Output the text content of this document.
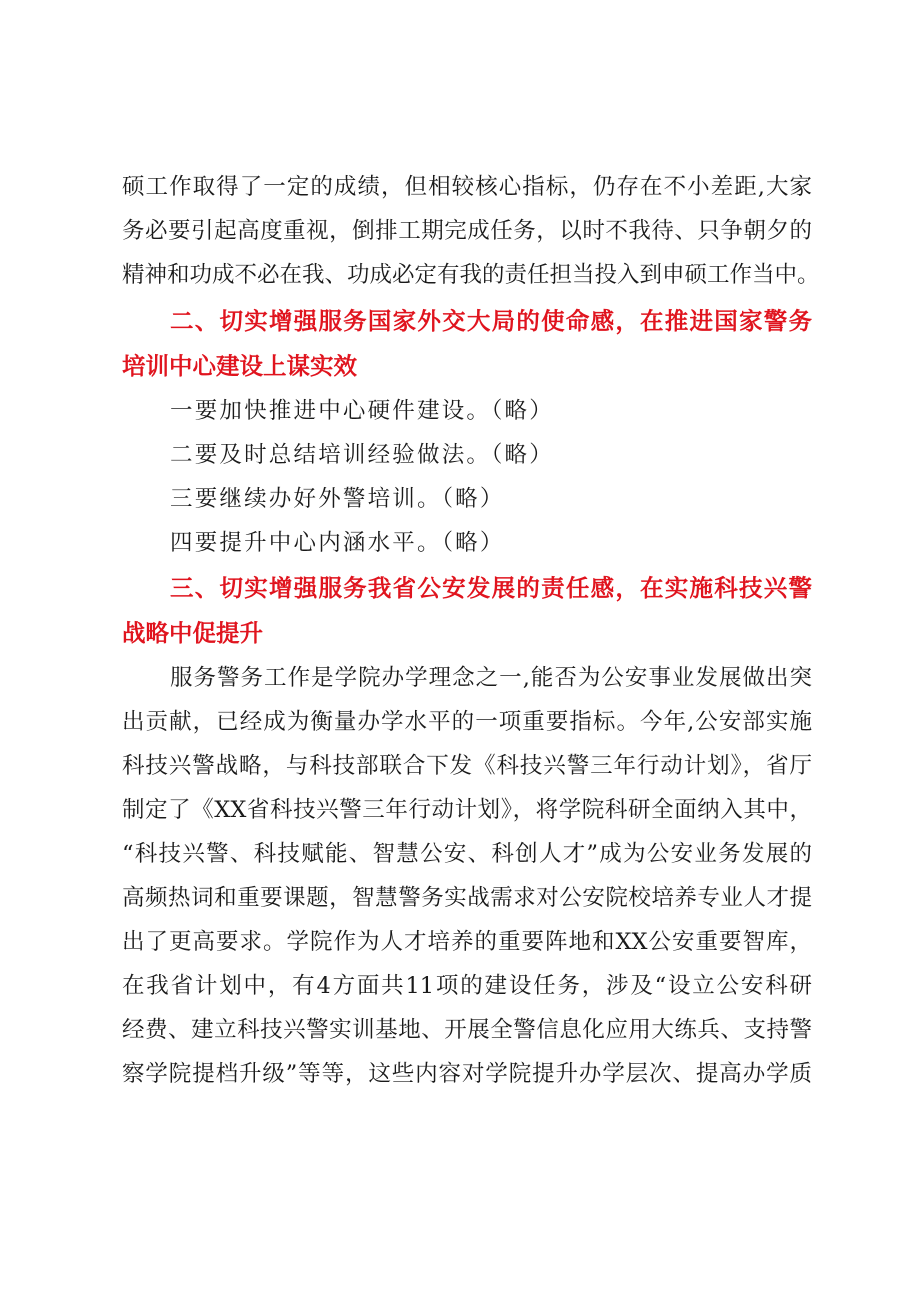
硕工作取得了一定的成绩，但相较核心指标，仍存在不小差距,大家
务必要引起高度重视，倒排工期完成任务，以时不我待、只争朝夕的
精神和功成不必在我、功成必定有我的责任担当投入到申硕工作当中。
二、切实增强服务国家外交大局的使命感，在推进国家警务
培训中心建设上谋实效
一要加快推进中心硬件建设。（略）
二要及时总结培训经验做法。（略）
三要继续办好外警培训。（略）
四要提升中心内涵水平。（略）
三、切实增强服务我省公安发展的责任感，在实施科技兴警
战略中促提升
服务警务工作是学院办学理念之一,能否为公安事业发展做出突
出贡献，已经成为衡量办学水平的一项重要指标。今年,公安部实施
科技兴警战略，与科技部联合下发《科技兴警三年行动计划》，省厅
制定了《XX省科技兴警三年行动计划》，将学院科研全面纳入其中，
“科技兴警、科技赋能、智慧公安、科创人才”成为公安业务发展的
高频热词和重要课题，智慧警务实战需求对公安院校培养专业人才提
出了更高要求。学院作为人才培养的重要阵地和XX公安重要智库，
在我省计划中，有4方面共11项的建设任务，涉及“设立公安科研
经费、建立科技兴警实训基地、开展全警信息化应用大练兵、支持警
察学院提档升级”等等，这些内容对学院提升办学层次、提高办学质
